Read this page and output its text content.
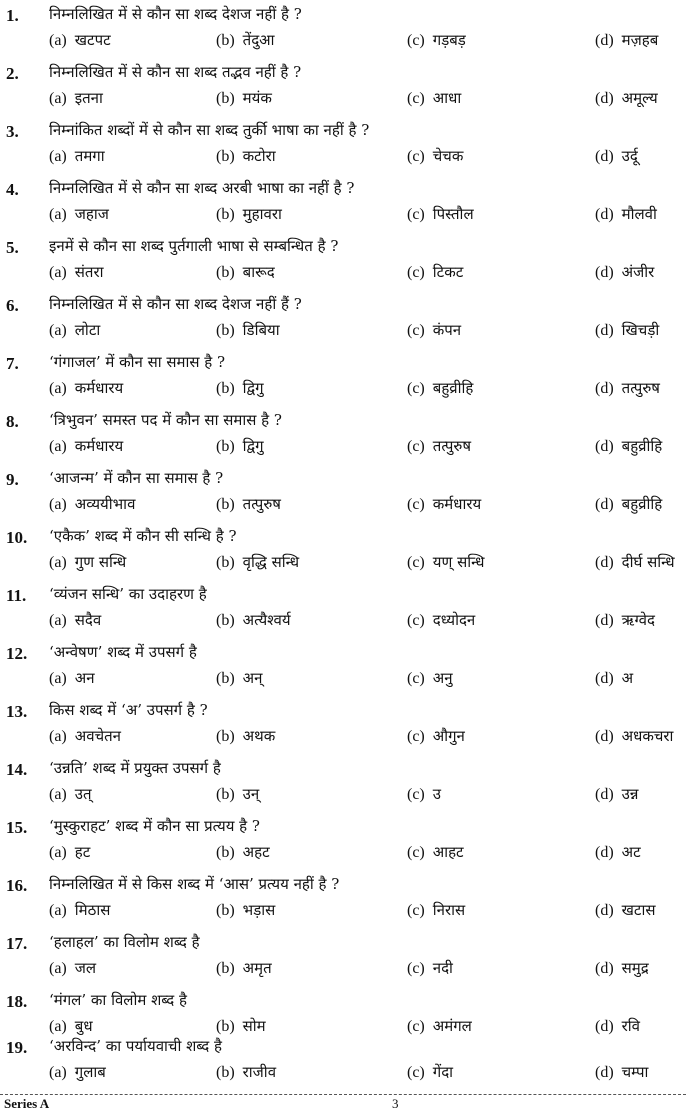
1.	निम्नलिखित में से कौन सा शब्द देशज नहीं है ?
(a) खटपट	(b) तेंदुआ	(c) गड़बड़	(d) मज़हब
2.	निम्नलिखित में से कौन सा शब्द तद्भव नहीं है ?
(a) इतना	(b) मयंक	(c) आधा	(d) अमूल्य
3.	निम्नांकित शब्दों में से कौन सा शब्द तुर्की भाषा का नहीं है ?
(a) तमगा	(b) कटोरा	(c) चेचक	(d) उर्दू
4.	निम्नलिखित में से कौन सा शब्द अरबी भाषा का नहीं है ?
(a) जहाज	(b) मुहावरा	(c) पिस्तौल	(d) मौलवी
5.	इनमें से कौन सा शब्द पुर्तगाली भाषा से सम्बन्धित है ?
(a) संतरा	(b) बारूद	(c) टिकट	(d) अंजीर
6.	निम्नलिखित में से कौन सा शब्द देशज नहीं हैं ?
(a) लोटा	(b) डिबिया	(c) कंपन	(d) खिचड़ी
7.	‘गंगाजल’ में कौन सा समास है ?
(a) कर्मधारय	(b) द्विगु	(c) बहुव्रीहि	(d) तत्पुरुष
8.	‘त्रिभुवन’ समस्त पद में कौन सा समास है ?
(a) कर्मधारय	(b) द्विगु	(c) तत्पुरुष	(d) बहुव्रीहि
9.	‘आजन्म’ में कौन सा समास है ?
(a) अव्ययीभाव	(b) तत्पुरुष	(c) कर्मधारय	(d) बहुव्रीहि
10.	‘एकैक’ शब्द में कौन सी सन्धि है ?
(a) गुण सन्धि	(b) वृद्धि सन्धि	(c) यण् सन्धि	(d) दीर्घ सन्धि
11.	‘व्यंजन सन्धि’ का उदाहरण है
(a) सदैव	(b) अत्यैश्वर्य	(c) दध्योदन	(d) ऋग्वेद
12.	‘अन्वेषण’ शब्द में उपसर्ग है
(a) अन	(b) अन्	(c) अनु	(d) अ
13.	किस शब्द में ‘अ’ उपसर्ग है ?
(a) अवचेतन	(b) अथक	(c) औगुन	(d) अधकचरा
14.	‘उन्नति’ शब्द में प्रयुक्त उपसर्ग है
(a) उत्	(b) उन्	(c) उ	(d) उन्न
15.	‘मुस्कुराहट’ शब्द में कौन सा प्रत्यय है ?
(a) हट	(b) अहट	(c) आहट	(d) अट
16.	निम्नलिखित में से किस शब्द में ‘आस’ प्रत्यय नहीं है ?
(a) मिठास	(b) भड़ास	(c) निरास	(d) खटास
17.	‘हलाहल’ का विलोम शब्द है
(a) जल	(b) अमृत	(c) नदी	(d) समुद्र
18.	‘मंगल’ का विलोम शब्द है
(a) बुध	(b) सोम	(c) अमंगल	(d) रवि
19.	‘अरविन्द’ का पर्यायवाची शब्द है
(a) गुलाब	(b) राजीव	(c) गेंदा	(d) चम्पा
Series A	3
